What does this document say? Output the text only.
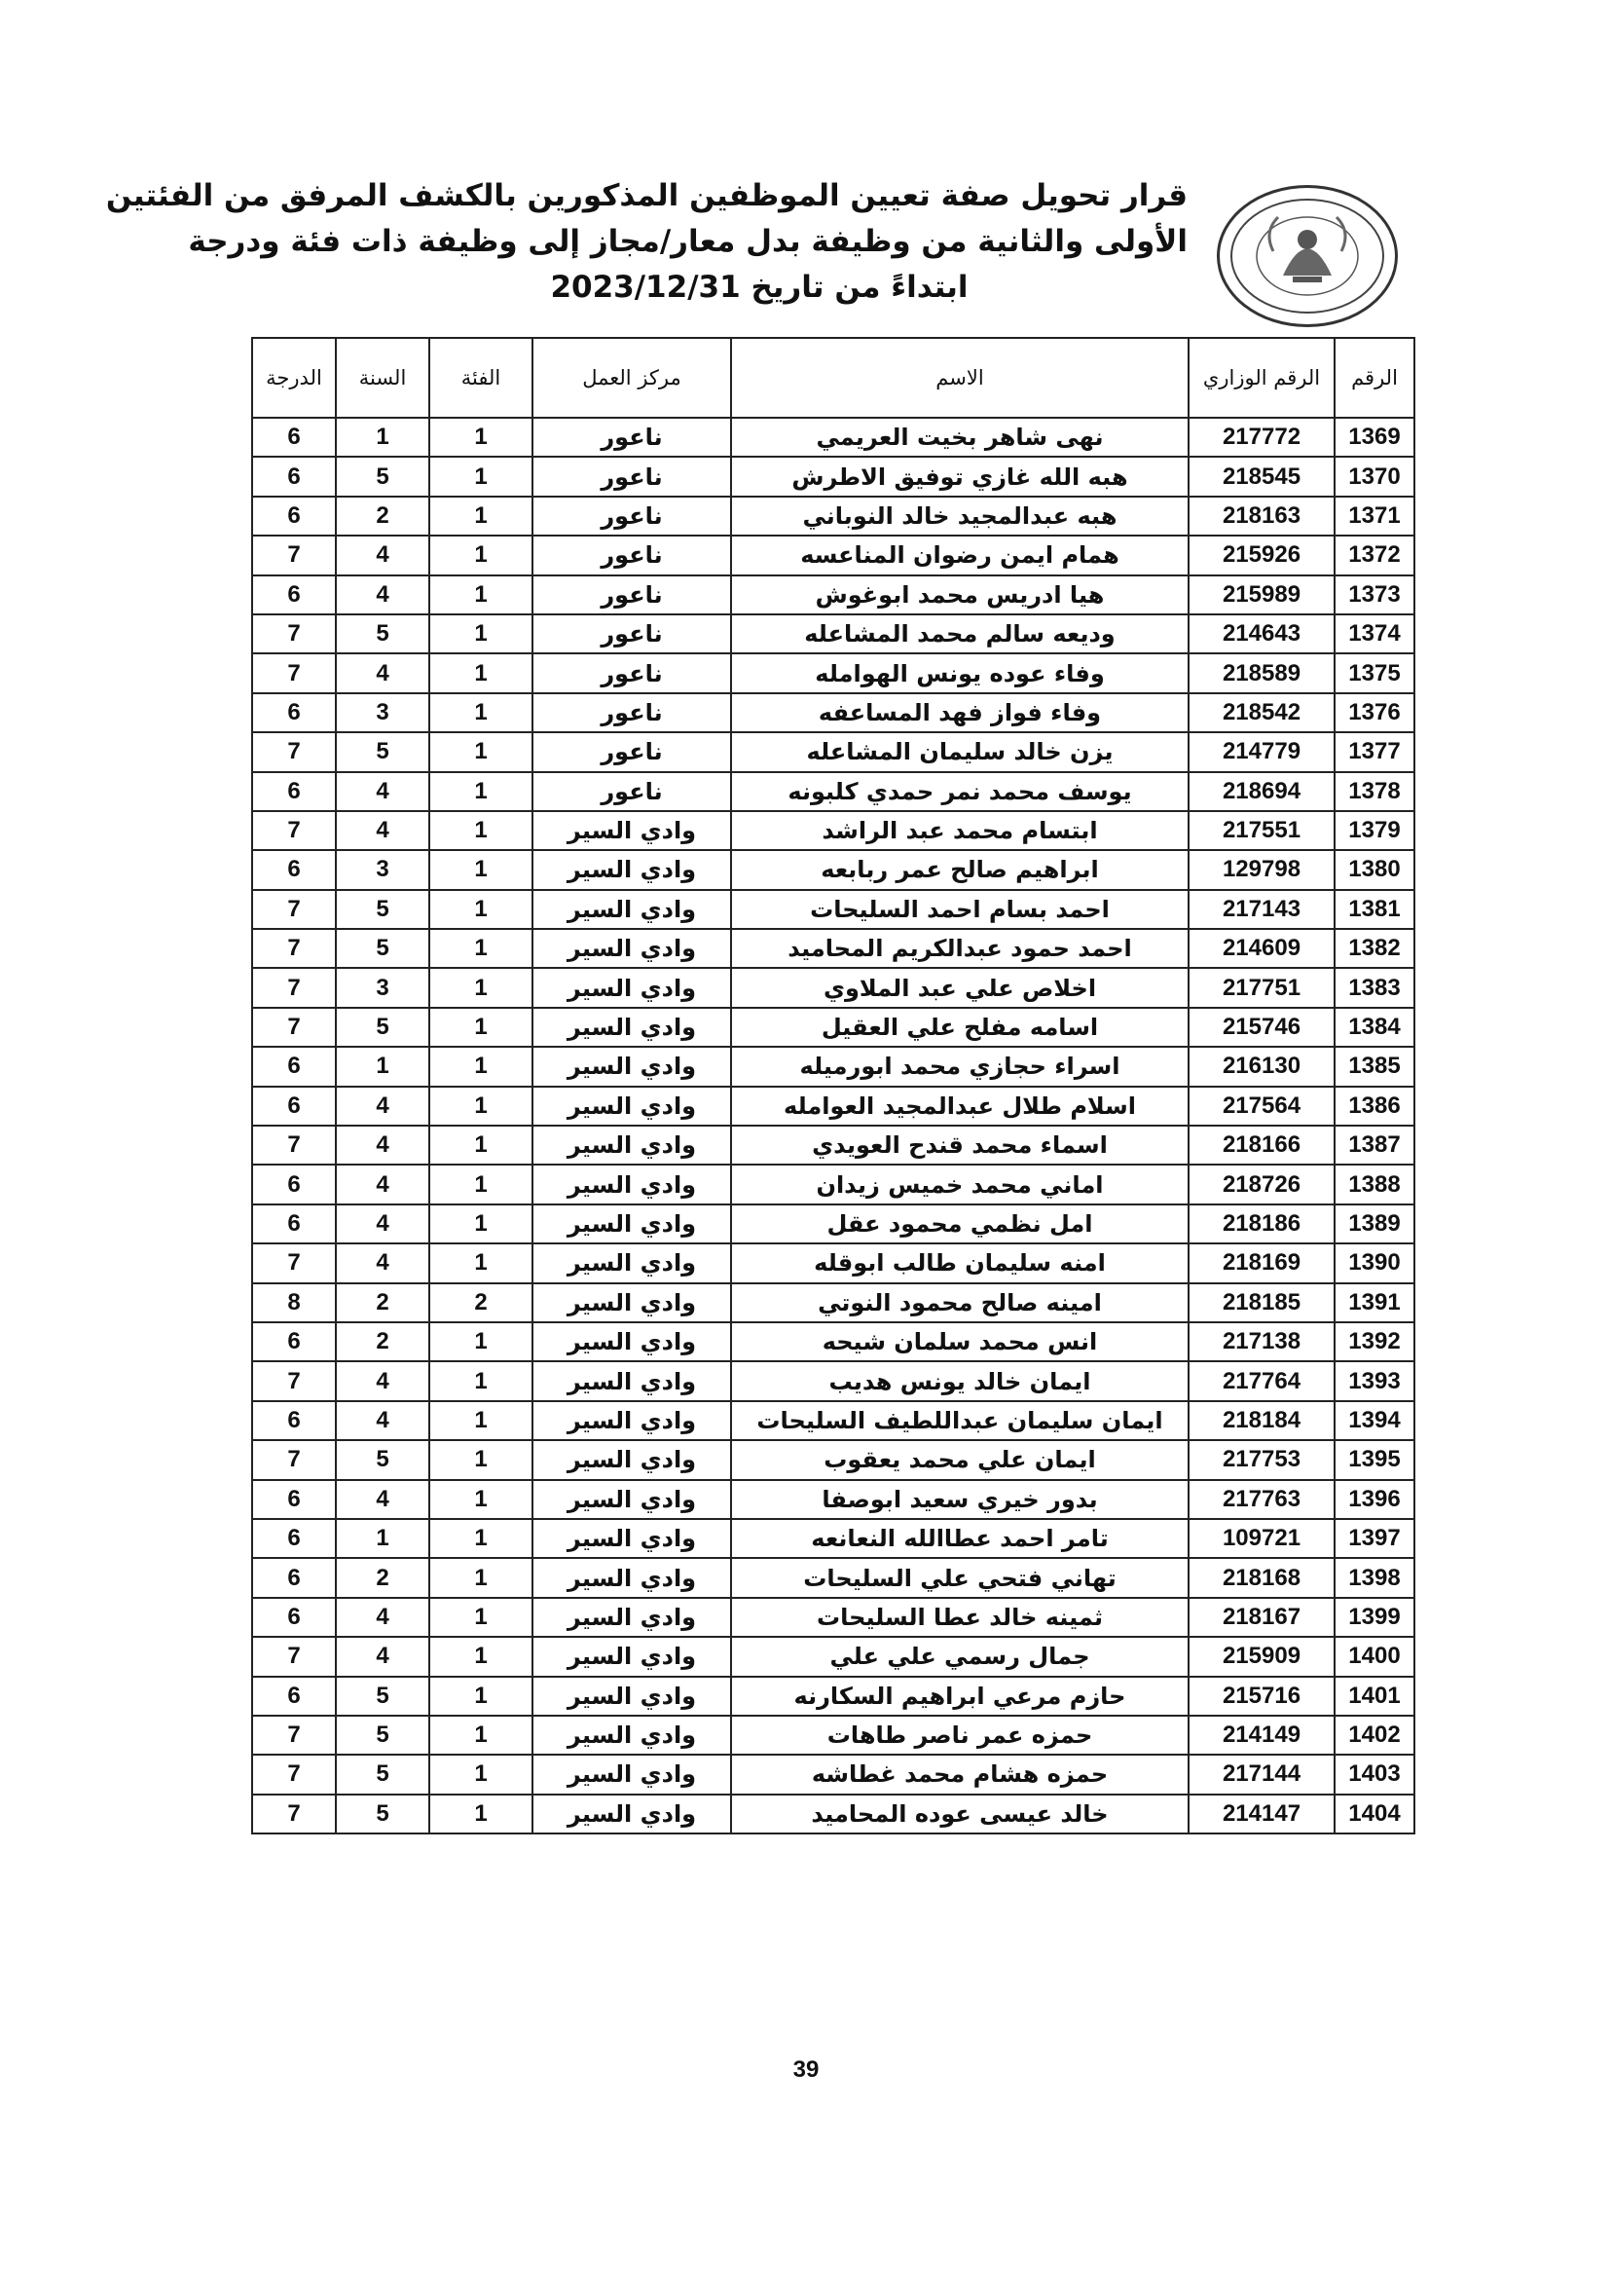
قرار تحويل صفة تعيين الموظفين المذكورين بالكشف المرفق من الفئتين
الأولى والثانية من وظيفة بدل معار/مجاز إلى وظيفة ذات فئة ودرجة
ابتداءً من تاريخ 2023/12/31
الرقم	الرقم الوزاري	الاسم	مركز العمل	الفئة	السنة	الدرجة
1369	217772	نهى شاهر بخيت العريمي	ناعور	1	1	6
1370	218545	هبه الله غازي توفيق الاطرش	ناعور	1	5	6
1371	218163	هبه عبدالمجيد خالد النوباني	ناعور	1	2	6
1372	215926	همام ايمن رضوان المناعسه	ناعور	1	4	7
1373	215989	هيا ادريس محمد ابوغوش	ناعور	1	4	6
1374	214643	وديعه سالم محمد المشاعله	ناعور	1	5	7
1375	218589	وفاء عوده يونس الهوامله	ناعور	1	4	7
1376	218542	وفاء فواز فهد المساعفه	ناعور	1	3	6
1377	214779	يزن خالد سليمان المشاعله	ناعور	1	5	7
1378	218694	يوسف محمد نمر حمدي كلبونه	ناعور	1	4	6
1379	217551	ابتسام محمد عبد الراشد	وادي السير	1	4	7
1380	129798	ابراهيم صالح عمر ربابعه	وادي السير	1	3	6
1381	217143	احمد بسام احمد السليحات	وادي السير	1	5	7
1382	214609	احمد حمود عبدالكريم المحاميد	وادي السير	1	5	7
1383	217751	اخلاص علي عبد الملاوي	وادي السير	1	3	7
1384	215746	اسامه مفلح علي العقيل	وادي السير	1	5	7
1385	216130	اسراء حجازي محمد ابورميله	وادي السير	1	1	6
1386	217564	اسلام طلال عبدالمجيد العوامله	وادي السير	1	4	6
1387	218166	اسماء محمد قندح العويدي	وادي السير	1	4	7
1388	218726	اماني محمد خميس زيدان	وادي السير	1	4	6
1389	218186	امل نظمي محمود عقل	وادي السير	1	4	6
1390	218169	امنه سليمان طالب ابوقله	وادي السير	1	4	7
1391	218185	امينه صالح محمود النوتي	وادي السير	2	2	8
1392	217138	انس محمد سلمان شيحه	وادي السير	1	2	6
1393	217764	ايمان خالد يونس هديب	وادي السير	1	4	7
1394	218184	ايمان سليمان عبداللطيف السليحات	وادي السير	1	4	6
1395	217753	ايمان علي محمد يعقوب	وادي السير	1	5	7
1396	217763	بدور خيري سعيد ابوصفا	وادي السير	1	4	6
1397	109721	تامر احمد عطاالله النعانعه	وادي السير	1	1	6
1398	218168	تهاني فتحي علي السليحات	وادي السير	1	2	6
1399	218167	ثمينه خالد عطا السليحات	وادي السير	1	4	6
1400	215909	جمال رسمي علي علي	وادي السير	1	4	7
1401	215716	حازم مرعي ابراهيم السكارنه	وادي السير	1	5	6
1402	214149	حمزه عمر ناصر طاهات	وادي السير	1	5	7
1403	217144	حمزه هشام محمد غطاشه	وادي السير	1	5	7
1404	214147	خالد عيسى عوده المحاميد	وادي السير	1	5	7
39
